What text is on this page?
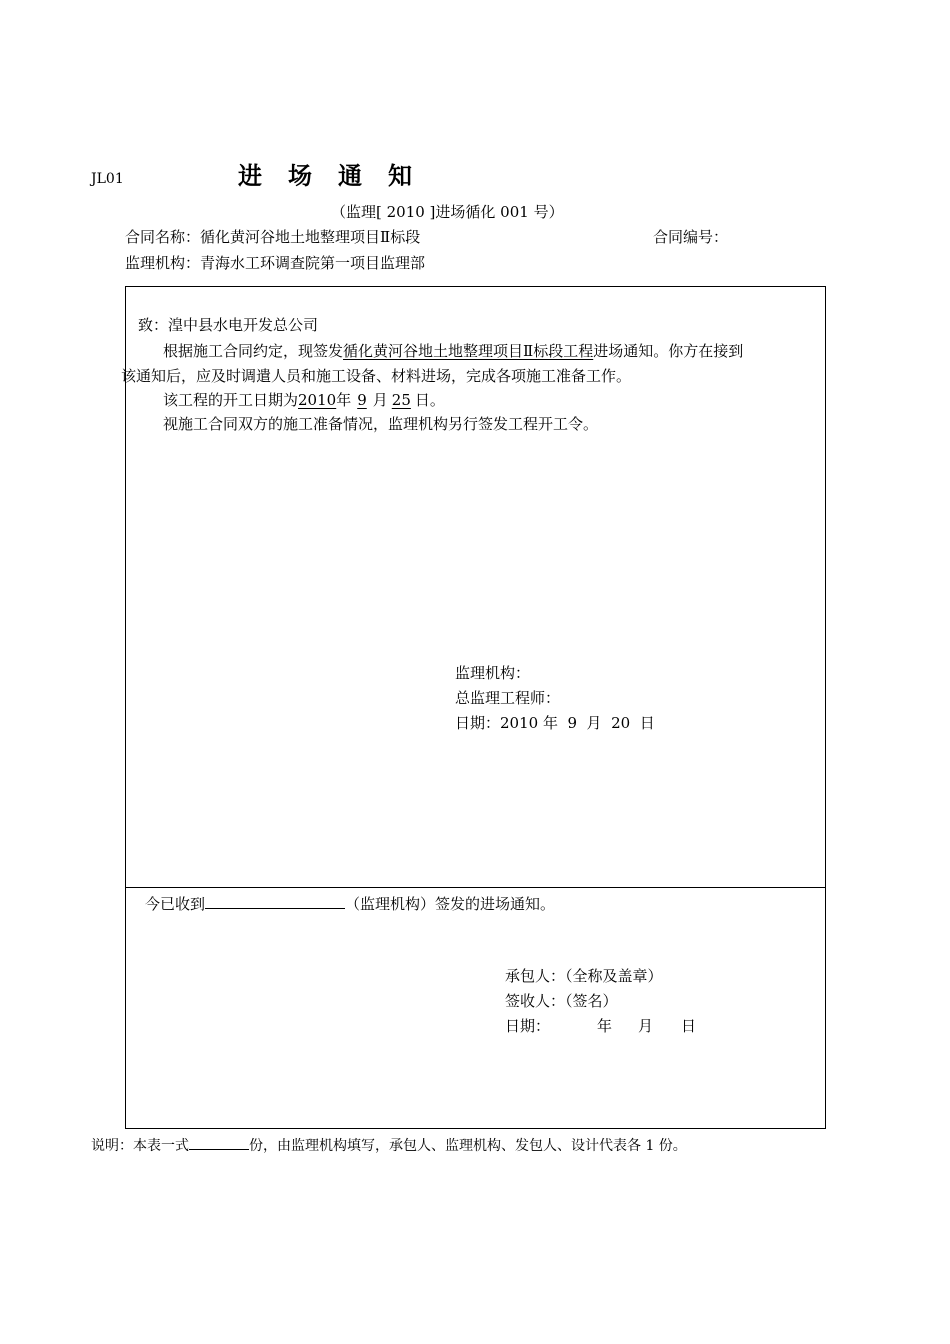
JL01	进场通知
（监理[ 2010 ]进场循化 001 号）
合同名称：循化黄河谷地土地整理项目Ⅱ标段	合同编号：
监理机构：青海水工环调查院第一项目监理部
致：湟中县水电开发总公司
根据施工合同约定，现签发循化黄河谷地土地整理项目Ⅱ标段工程进场通知。你方在接到
该通知后，应及时调遣人员和施工设备、材料进场，完成各项施工准备工作。
该工程的开工日期为2010年 9 月 25 日。
视施工合同双方的施工准备情况，监理机构另行签发工程开工令。
监理机构：
总监理工程师：
日期：2010 年  9  月  20  日
今已收到	（监理机构）签发的进场通知。
承包人：（全称及盖章）
签收人：（签名）
日期：	年 月 日
说明：本表一式	份，由监理机构填写，承包人、监理机构、发包人、设计代表各 1 份。
